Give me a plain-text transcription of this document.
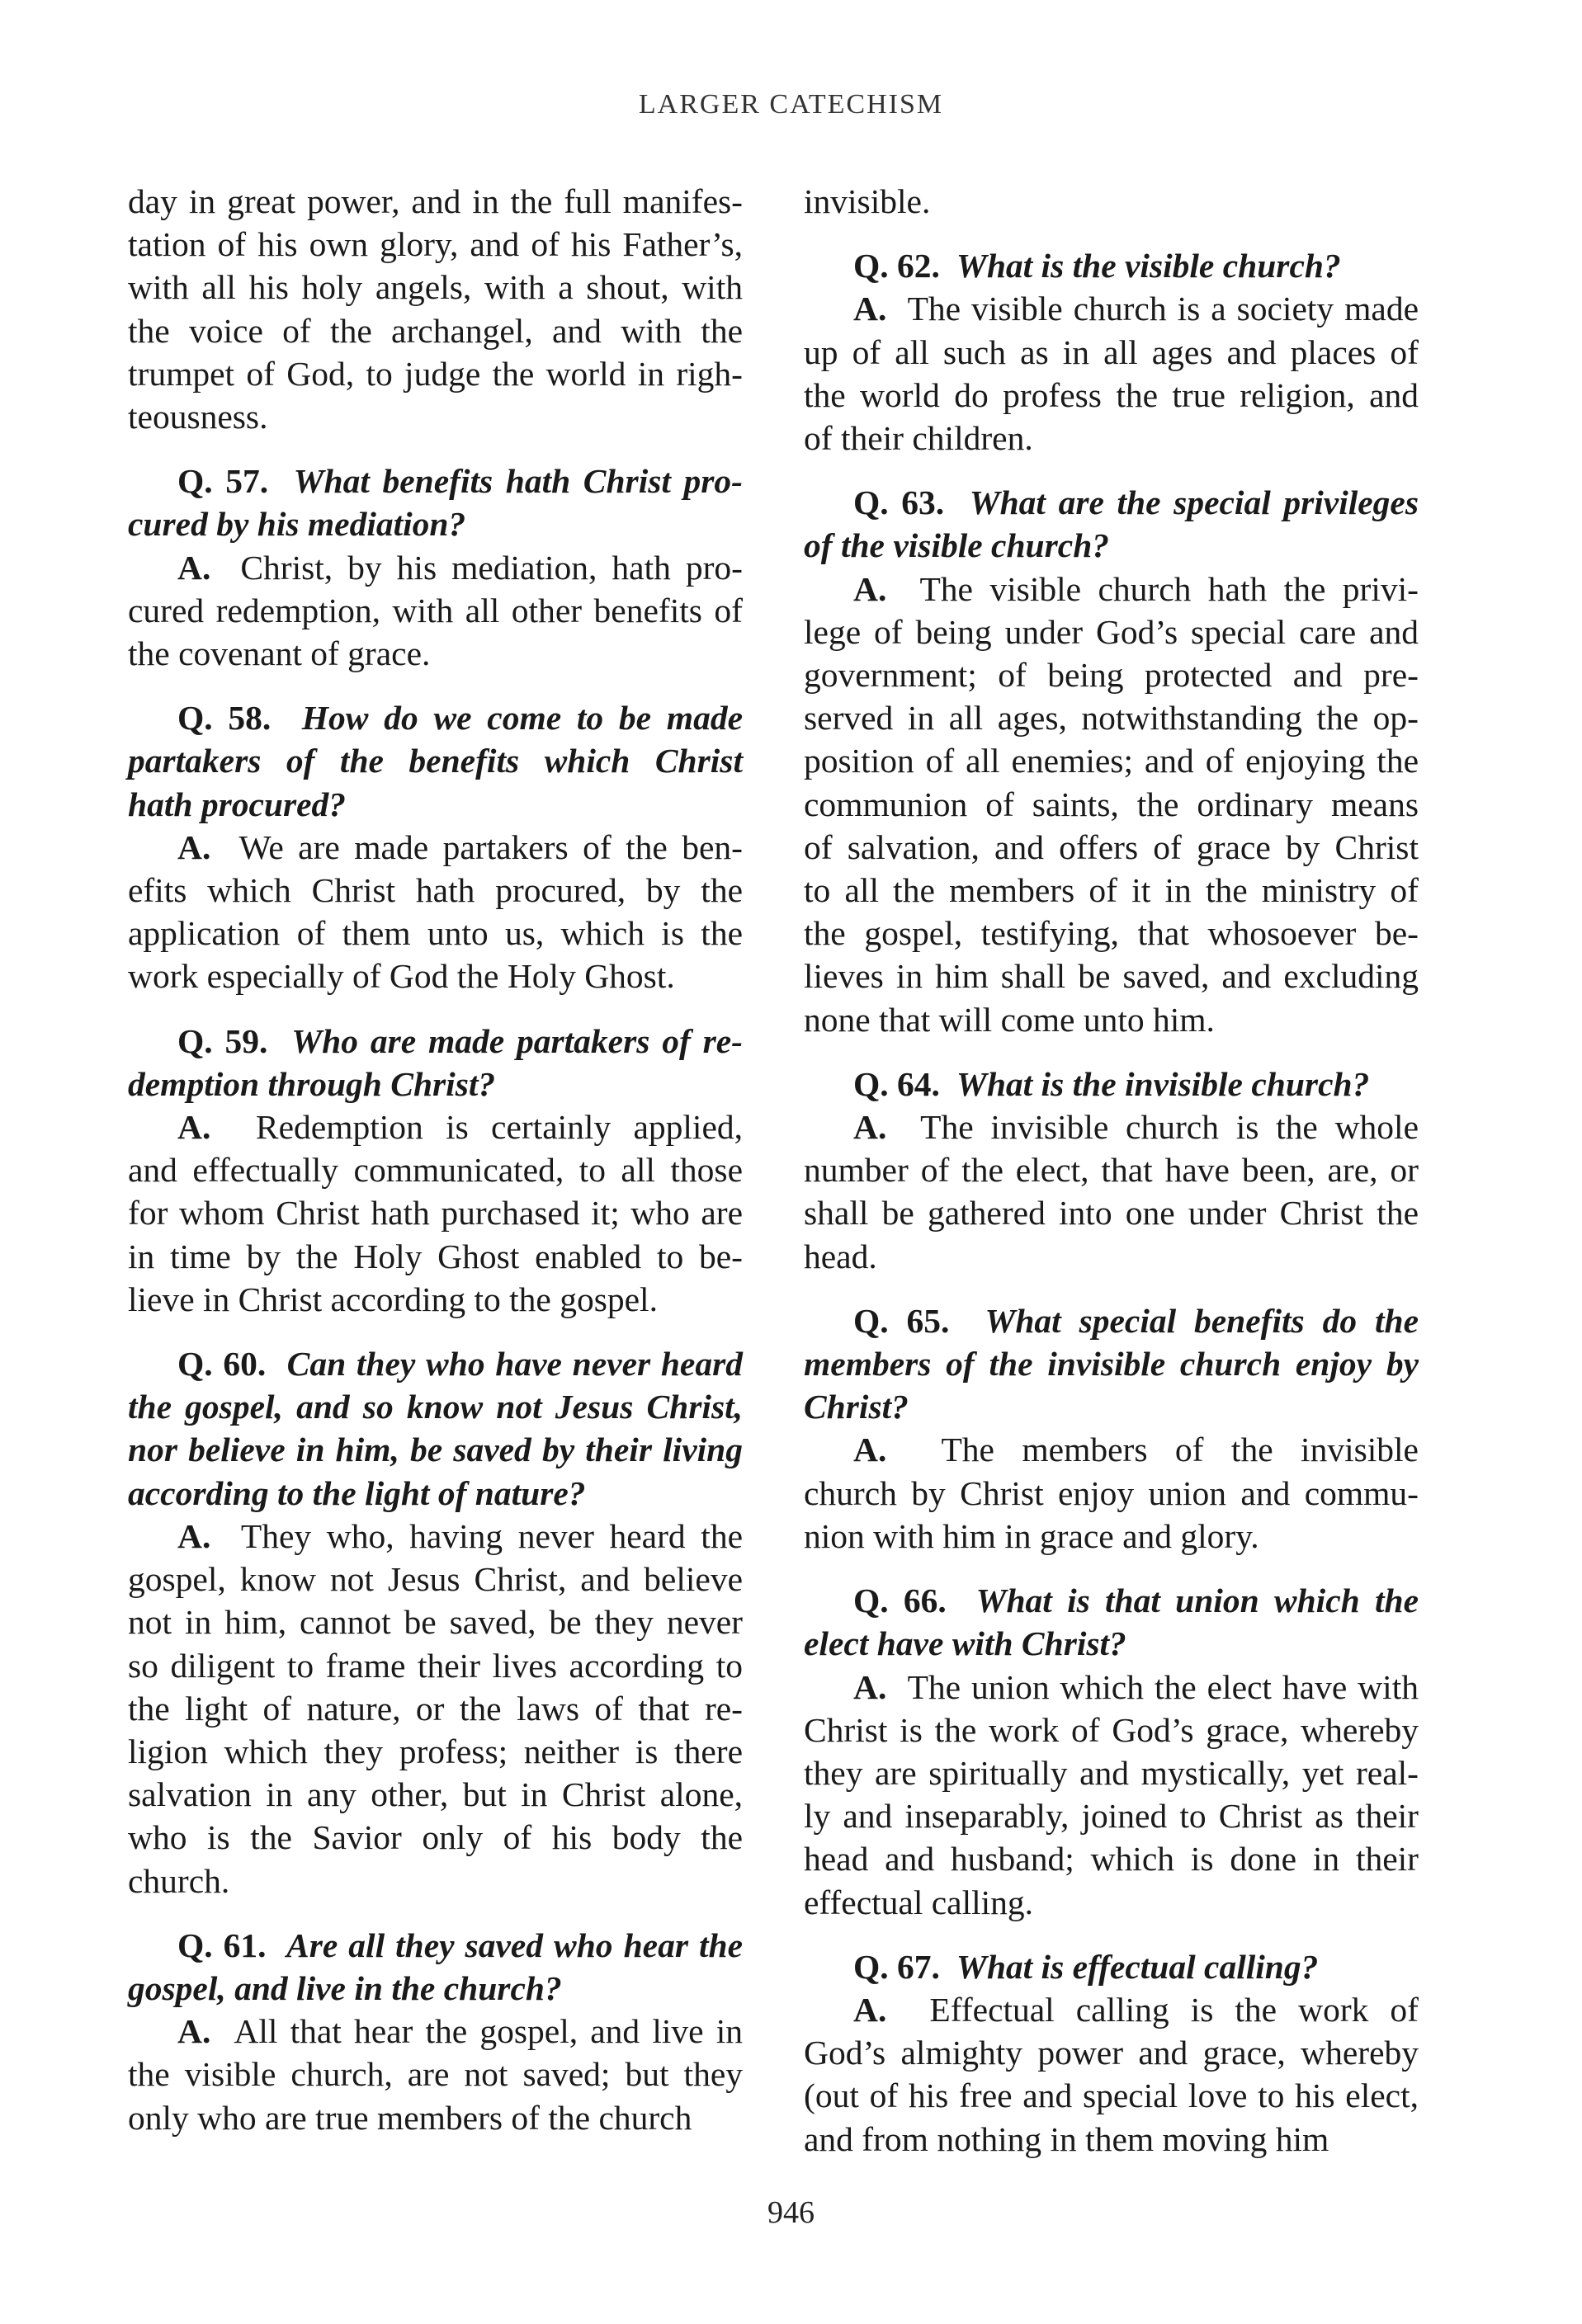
LARGER CATECHISM
day in great power, and in the full manifes-
tation of his own glory, and of his Father’s,
with all his holy angels, with a shout, with
the voice of the archangel, and with the
trumpet of God, to judge the world in righ-
teousness.
Q. 57. What benefits hath Christ pro-
cured by his mediation?
A. Christ, by his mediation, hath pro-
cured redemption, with all other benefits of
the covenant of grace.
Q. 58. How do we come to be made
partakers of the benefits which Christ
hath procured?
A. We are made partakers of the ben-
efits which Christ hath procured, by the
application of them unto us, which is the
work especially of God the Holy Ghost.
Q. 59. Who are made partakers of re-
demption through Christ?
A. Redemption is certainly applied,
and effectually communicated, to all those
for whom Christ hath purchased it; who are
in time by the Holy Ghost enabled to be-
lieve in Christ according to the gospel.
Q. 60. Can they who have never heard
the gospel, and so know not Jesus Christ,
nor believe in him, be saved by their living
according to the light of nature?
A. They who, having never heard the
gospel, know not Jesus Christ, and believe
not in him, cannot be saved, be they never
so diligent to frame their lives according to
the light of nature, or the laws of that re-
ligion which they profess; neither is there
salvation in any other, but in Christ alone,
who is the Savior only of his body the
church.
Q. 61. Are all they saved who hear the
gospel, and live in the church?
A. All that hear the gospel, and live in
the visible church, are not saved; but they
only who are true members of the church
invisible.
Q. 62. What is the visible church?
A. The visible church is a society made
up of all such as in all ages and places of
the world do profess the true religion, and
of their children.
Q. 63. What are the special privileges
of the visible church?
A. The visible church hath the privi-
lege of being under God’s special care and
government; of being protected and pre-
served in all ages, notwithstanding the op-
position of all enemies; and of enjoying the
communion of saints, the ordinary means
of salvation, and offers of grace by Christ
to all the members of it in the ministry of
the gospel, testifying, that whosoever be-
lieves in him shall be saved, and excluding
none that will come unto him.
Q. 64. What is the invisible church?
A. The invisible church is the whole
number of the elect, that have been, are, or
shall be gathered into one under Christ the
head.
Q. 65. What special benefits do the
members of the invisible church enjoy by
Christ?
A. The members of the invisible
church by Christ enjoy union and commu-
nion with him in grace and glory.
Q. 66. What is that union which the
elect have with Christ?
A. The union which the elect have with
Christ is the work of God’s grace, whereby
they are spiritually and mystically, yet real-
ly and inseparably, joined to Christ as their
head and husband; which is done in their
effectual calling.
Q. 67. What is effectual calling?
A. Effectual calling is the work of
God’s almighty power and grace, whereby
(out of his free and special love to his elect,
and from nothing in them moving him
946
